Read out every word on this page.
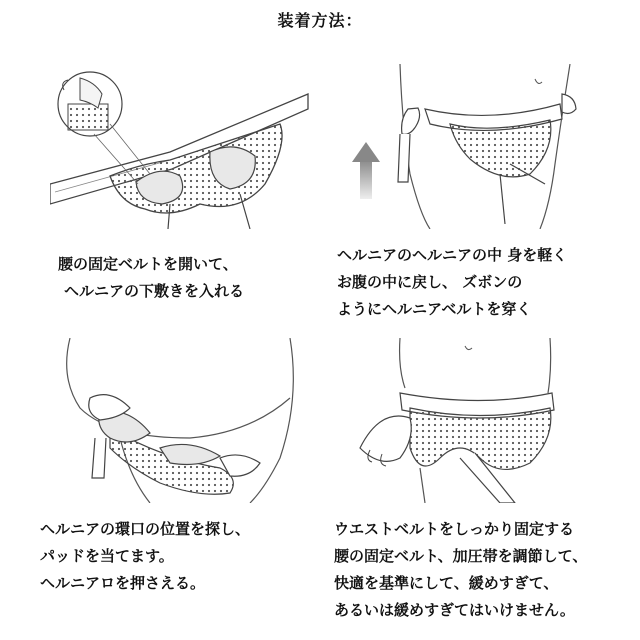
装着方法：
腰の固定ベルトを開いて、
ヘルニアの下敷きを入れる
ヘルニアのヘルニアの中 身を軽く
お腹の中に戻し、 ズボンの
ようにヘルニアベルトを穿く
ヘルニアの環口の位置を探し、
パッドを当てます。
ヘルニアロを押さえる。
ウエストベルトをしっかり固定する
腰の固定ベルト、加圧帯を調節して、
快適を基準にして、緩めすぎて、
あるいは緩めすぎてはいけません。
